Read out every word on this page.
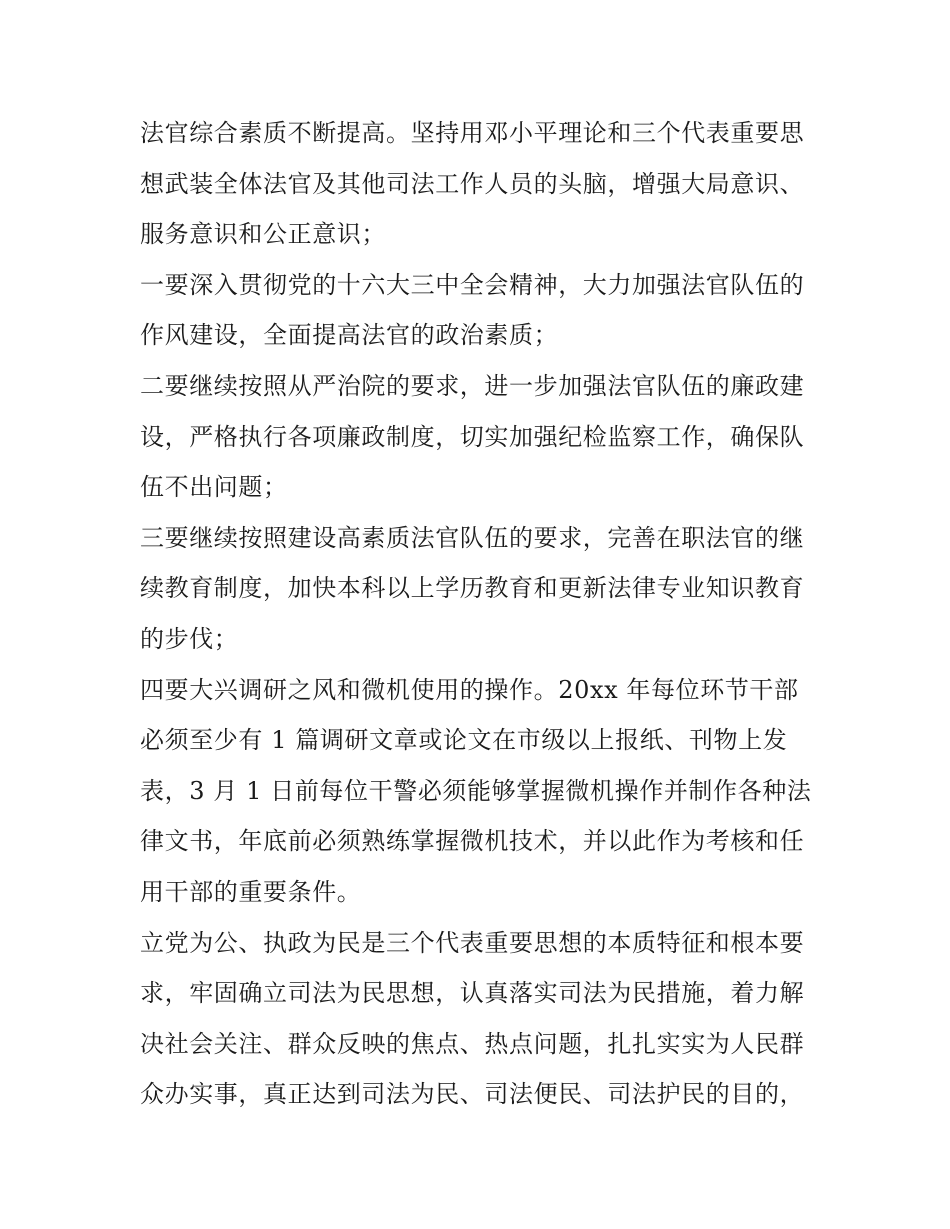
法官综合素质不断提高。坚持用邓小平理论和三个代表重要思
想武装全体法官及其他司法工作人员的头脑，增强大局意识、
服务意识和公正意识；
一要深入贯彻党的十六大三中全会精神，大力加强法官队伍的
作风建设，全面提高法官的政治素质；
二要继续按照从严治院的要求，进一步加强法官队伍的廉政建
设，严格执行各项廉政制度，切实加强纪检监察工作，确保队
伍不出问题；
三要继续按照建设高素质法官队伍的要求，完善在职法官的继
续教育制度，加快本科以上学历教育和更新法律专业知识教育
的步伐；
四要大兴调研之风和微机使用的操作。20xx 年每位环节干部
必须至少有 1 篇调研文章或论文在市级以上报纸、刊物上发
表，3 月 1 日前每位干警必须能够掌握微机操作并制作各种法
律文书，年底前必须熟练掌握微机技术，并以此作为考核和任
用干部的重要条件。
立党为公、执政为民是三个代表重要思想的本质特征和根本要
求，牢固确立司法为民思想，认真落实司法为民措施，着力解
决社会关注、群众反映的焦点、热点问题，扎扎实实为人民群
众办实事，真正达到司法为民、司法便民、司法护民的目的，
